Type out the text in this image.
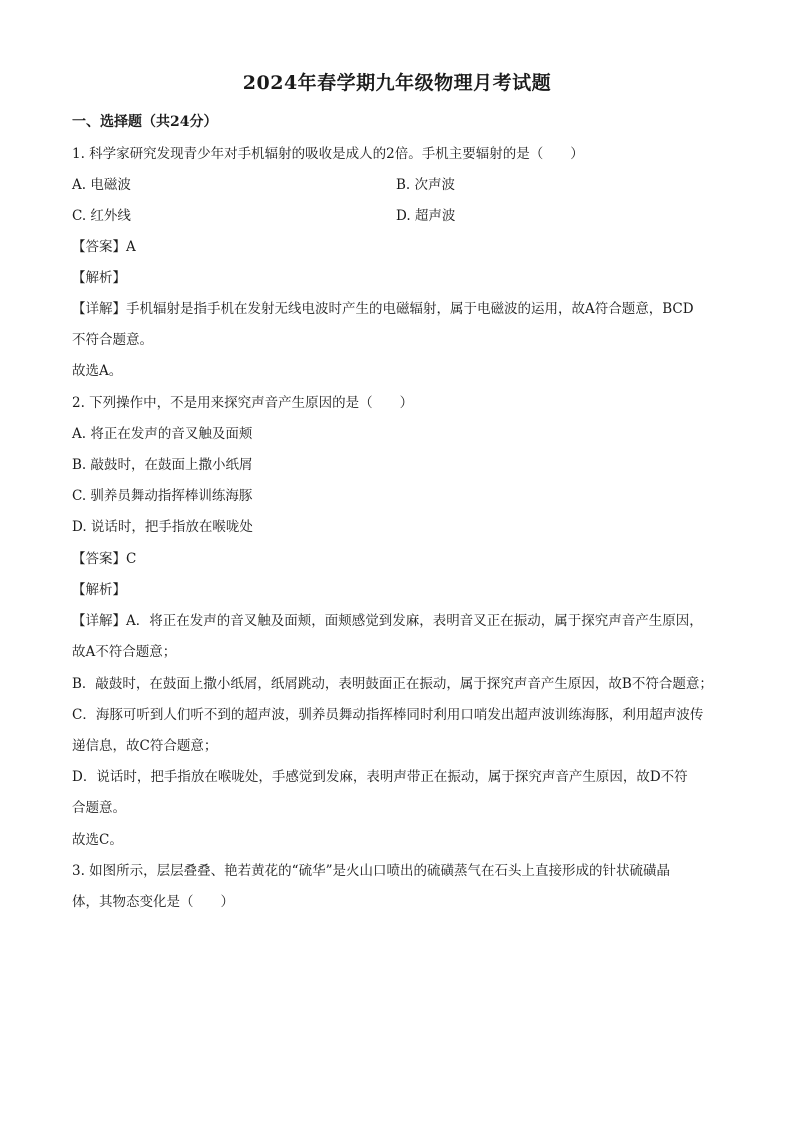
2024年春学期九年级物理月考试题
一、选择题（共24分）
1. 科学家研究发现青少年对手机辐射的吸收是成人的2倍。手机主要辐射的是（　　）
A. 电磁波	B. 次声波
C. 红外线	D. 超声波
【答案】A
【解析】
【详解】手机辐射是指手机在发射无线电波时产生的电磁辐射，属于电磁波的运用，故A符合题意，BCD
不符合题意。
故选A。
2. 下列操作中，不是用来探究声音产生原因的是（　　）
A. 将正在发声的音叉触及面颊
B. 敲鼓时，在鼓面上撒小纸屑
C. 驯养员舞动指挥棒训练海豚
D. 说话时，把手指放在喉咙处
【答案】C
【解析】
【详解】A．将正在发声的音叉触及面颊，面颊感觉到发麻，表明音叉正在振动，属于探究声音产生原因，
故A不符合题意；
B．敲鼓时，在鼓面上撒小纸屑，纸屑跳动，表明鼓面正在振动，属于探究声音产生原因，故B不符合题意；
C．海豚可听到人们听不到的超声波，驯养员舞动指挥棒同时利用口哨发出超声波训练海豚，利用超声波传
递信息，故C符合题意；
D．说话时，把手指放在喉咙处，手感觉到发麻，表明声带正在振动，属于探究声音产生原因，故D不符
合题意。
故选C。
3. 如图所示，层层叠叠、艳若黄花的“硫华”是火山口喷出的硫磺蒸气在石头上直接形成的针状硫磺晶
体，其物态变化是（　　）
